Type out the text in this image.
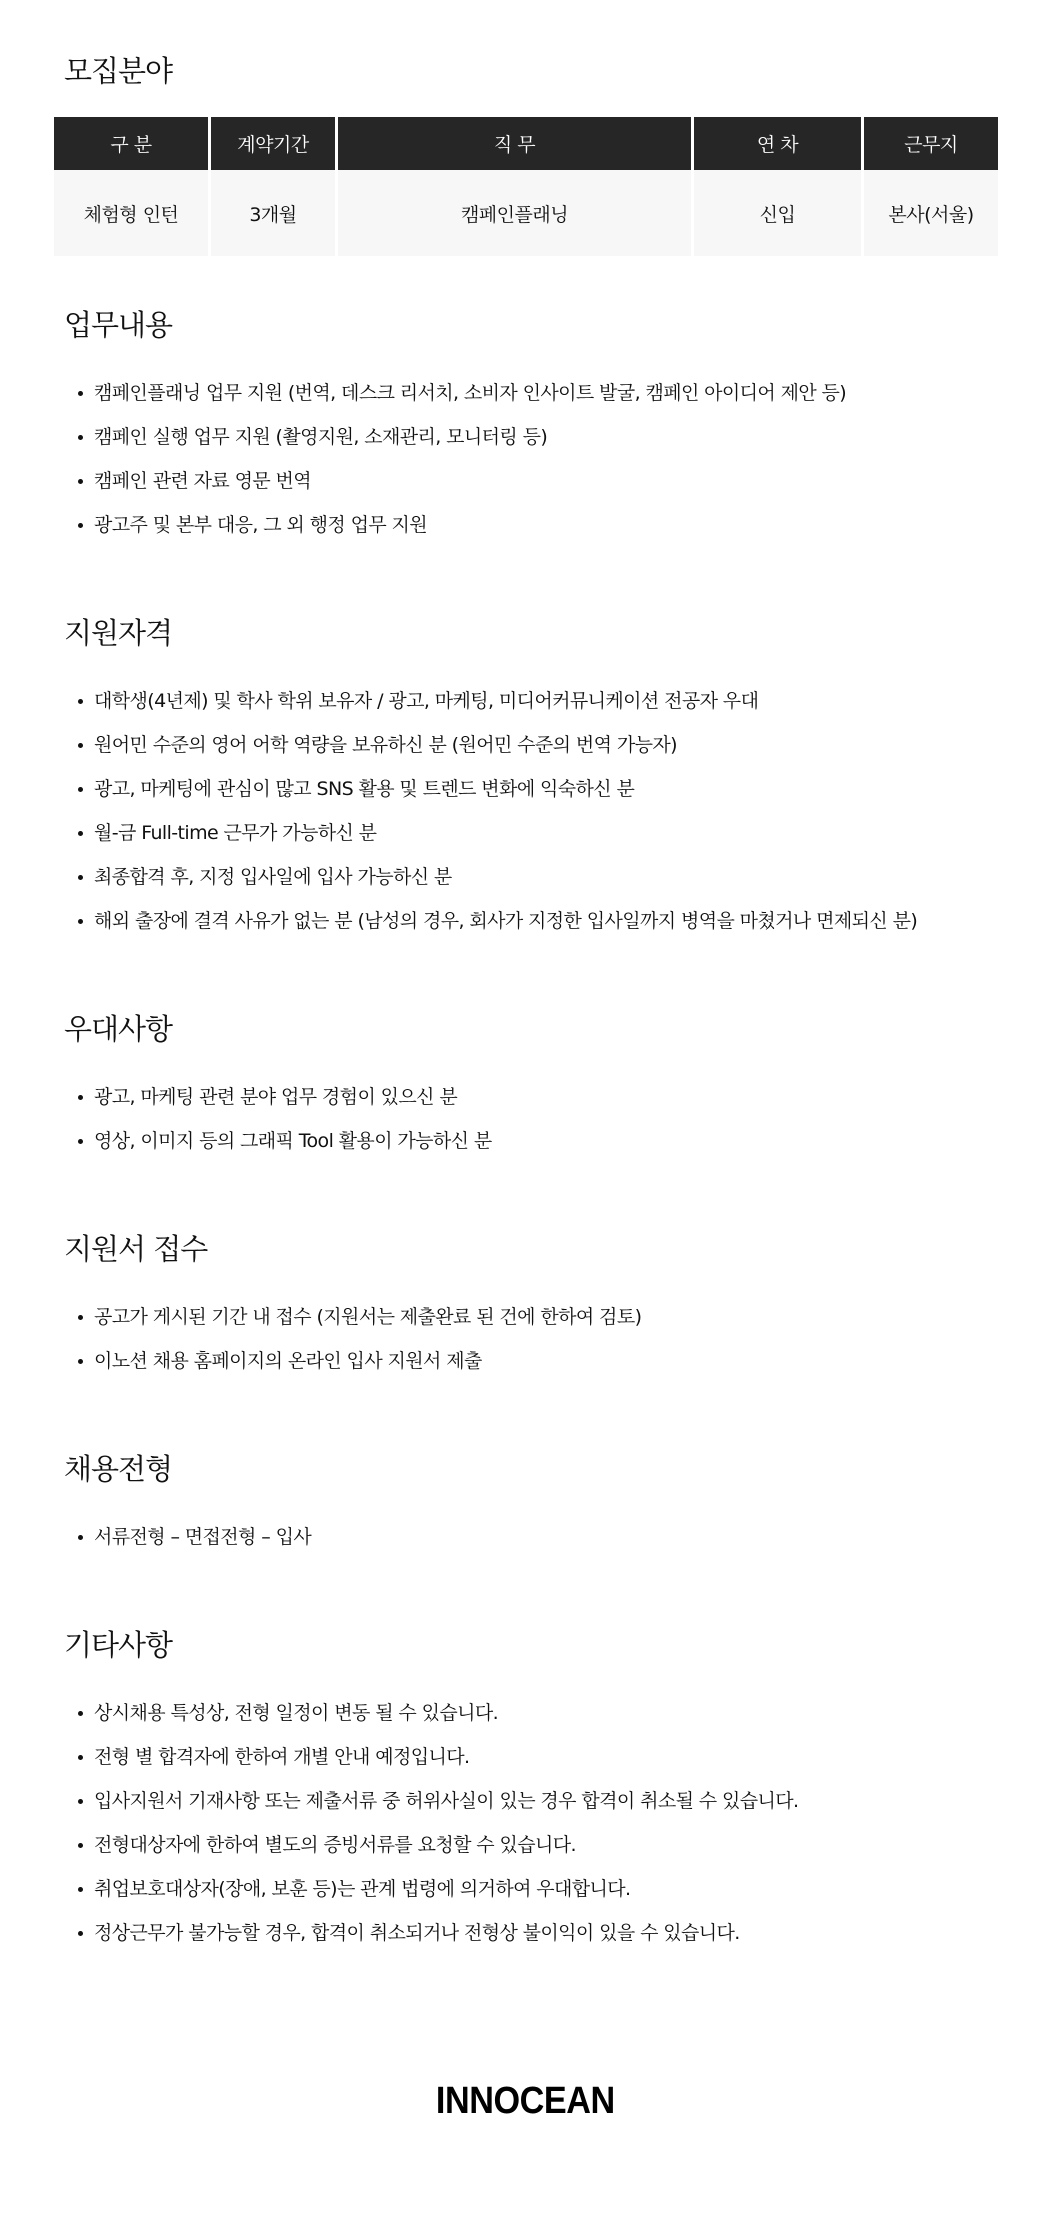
모집분야
구 분	계약기간	직 무	연 차	근무지
체험형 인턴	3개월	캠페인플래닝	신입	본사(서울)
업무내용
캠페인플래닝 업무 지원 (번역, 데스크 리서치, 소비자 인사이트 발굴, 캠페인 아이디어 제안 등)
캠페인 실행 업무 지원 (촬영지원, 소재관리, 모니터링 등)
캠페인 관련 자료 영문 번역
광고주 및 본부 대응, 그 외 행정 업무 지원
지원자격
대학생(4년제) 및 학사 학위 보유자 / 광고, 마케팅, 미디어커뮤니케이션 전공자 우대
원어민 수준의 영어 어학 역량을 보유하신 분 (원어민 수준의 번역 가능자)
광고, 마케팅에 관심이 많고 SNS 활용 및 트렌드 변화에 익숙하신 분
월-금 Full-time 근무가 가능하신 분
최종합격 후, 지정 입사일에 입사 가능하신 분
해외 출장에 결격 사유가 없는 분 (남성의 경우, 회사가 지정한 입사일까지 병역을 마쳤거나 면제되신 분)
우대사항
광고, 마케팅 관련 분야 업무 경험이 있으신 분
영상, 이미지 등의 그래픽 Tool 활용이 가능하신 분
지원서 접수
공고가 게시된 기간 내 접수 (지원서는 제출완료 된 건에 한하여 검토)
이노션 채용 홈페이지의 온라인 입사 지원서 제출
채용전형
서류전형 – 면접전형 – 입사
기타사항
상시채용 특성상, 전형 일정이 변동 될 수 있습니다.
전형 별 합격자에 한하여 개별 안내 예정입니다.
입사지원서 기재사항 또는 제출서류 중 허위사실이 있는 경우 합격이 취소될 수 있습니다.
전형대상자에 한하여 별도의 증빙서류를 요청할 수 있습니다.
취업보호대상자(장애, 보훈 등)는 관계 법령에 의거하여 우대합니다.
정상근무가 불가능할 경우, 합격이 취소되거나 전형상 불이익이 있을 수 있습니다.
INNOCEAN
